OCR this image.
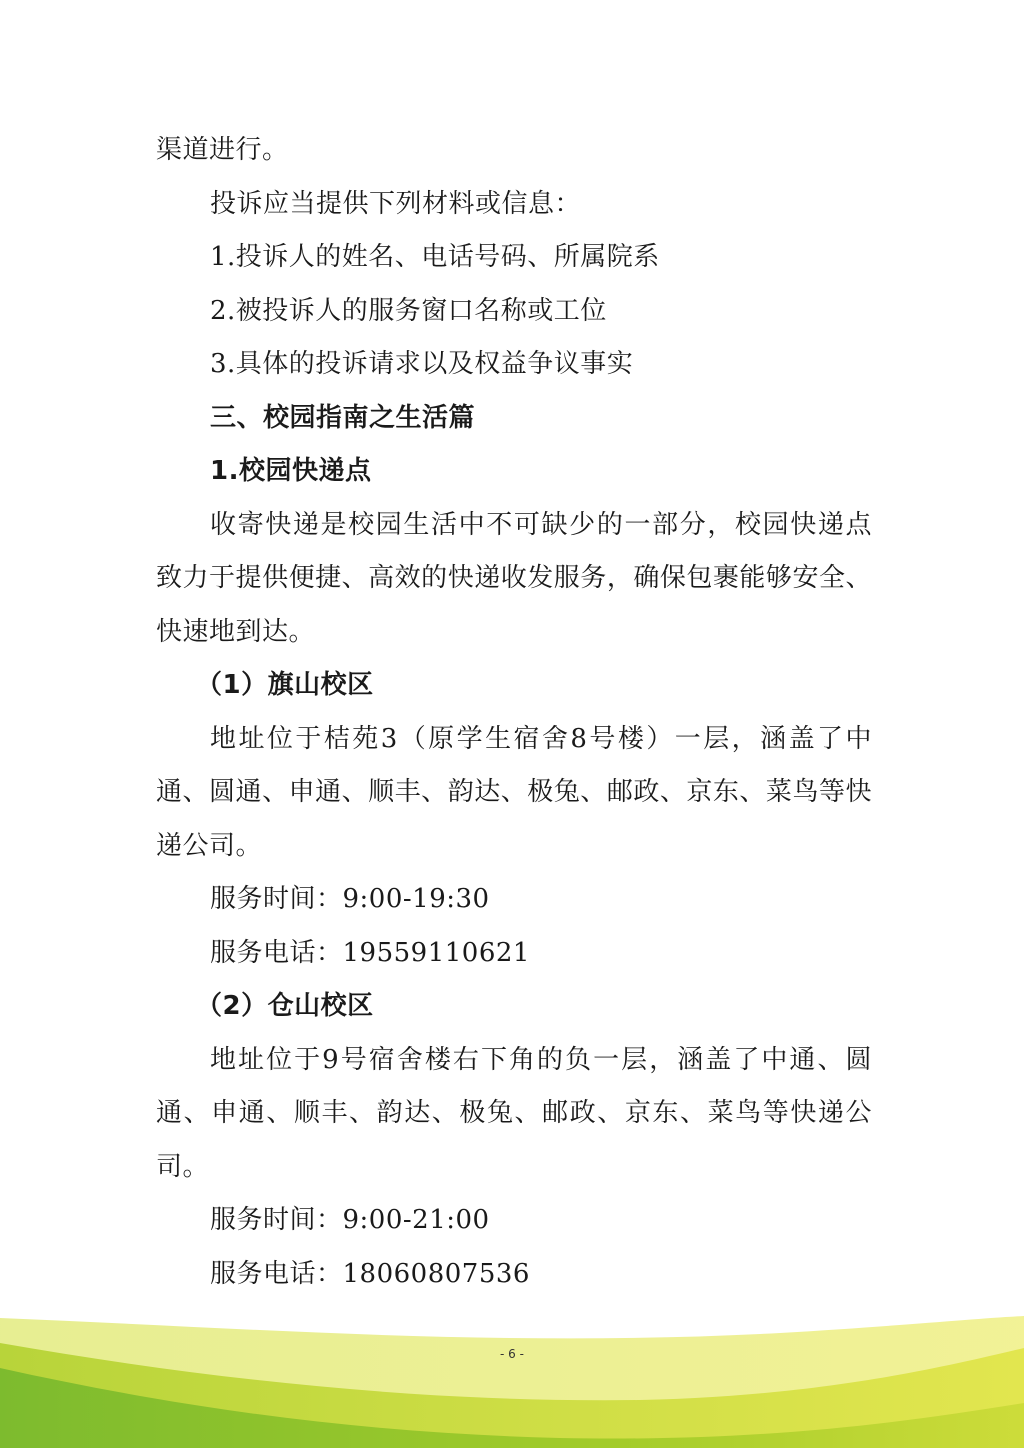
渠道进行。
投诉应当提供下列材料或信息：
1.投诉人的姓名、电话号码、所属院系
2.被投诉人的服务窗口名称或工位
3.具体的投诉请求以及权益争议事实
三、校园指南之生活篇
1.校园快递点
收寄快递是校园生活中不可缺少的一部分，校园快递点致力于提供便捷、高效的快递收发服务，确保包裹能够安全、快速地到达。
（1）旗山校区
地址位于桔苑3（原学生宿舍8号楼）一层，涵盖了中通、圆通、申通、顺丰、韵达、极兔、邮政、京东、菜鸟等快递公司。
服务时间：9:00-19:30
服务电话：19559110621
（2）仓山校区
地址位于9号宿舍楼右下角的负一层，涵盖了中通、圆通、申通、顺丰、韵达、极兔、邮政、京东、菜鸟等快递公司。
服务时间：9:00-21:00
服务电话：18060807536
- 6 -
